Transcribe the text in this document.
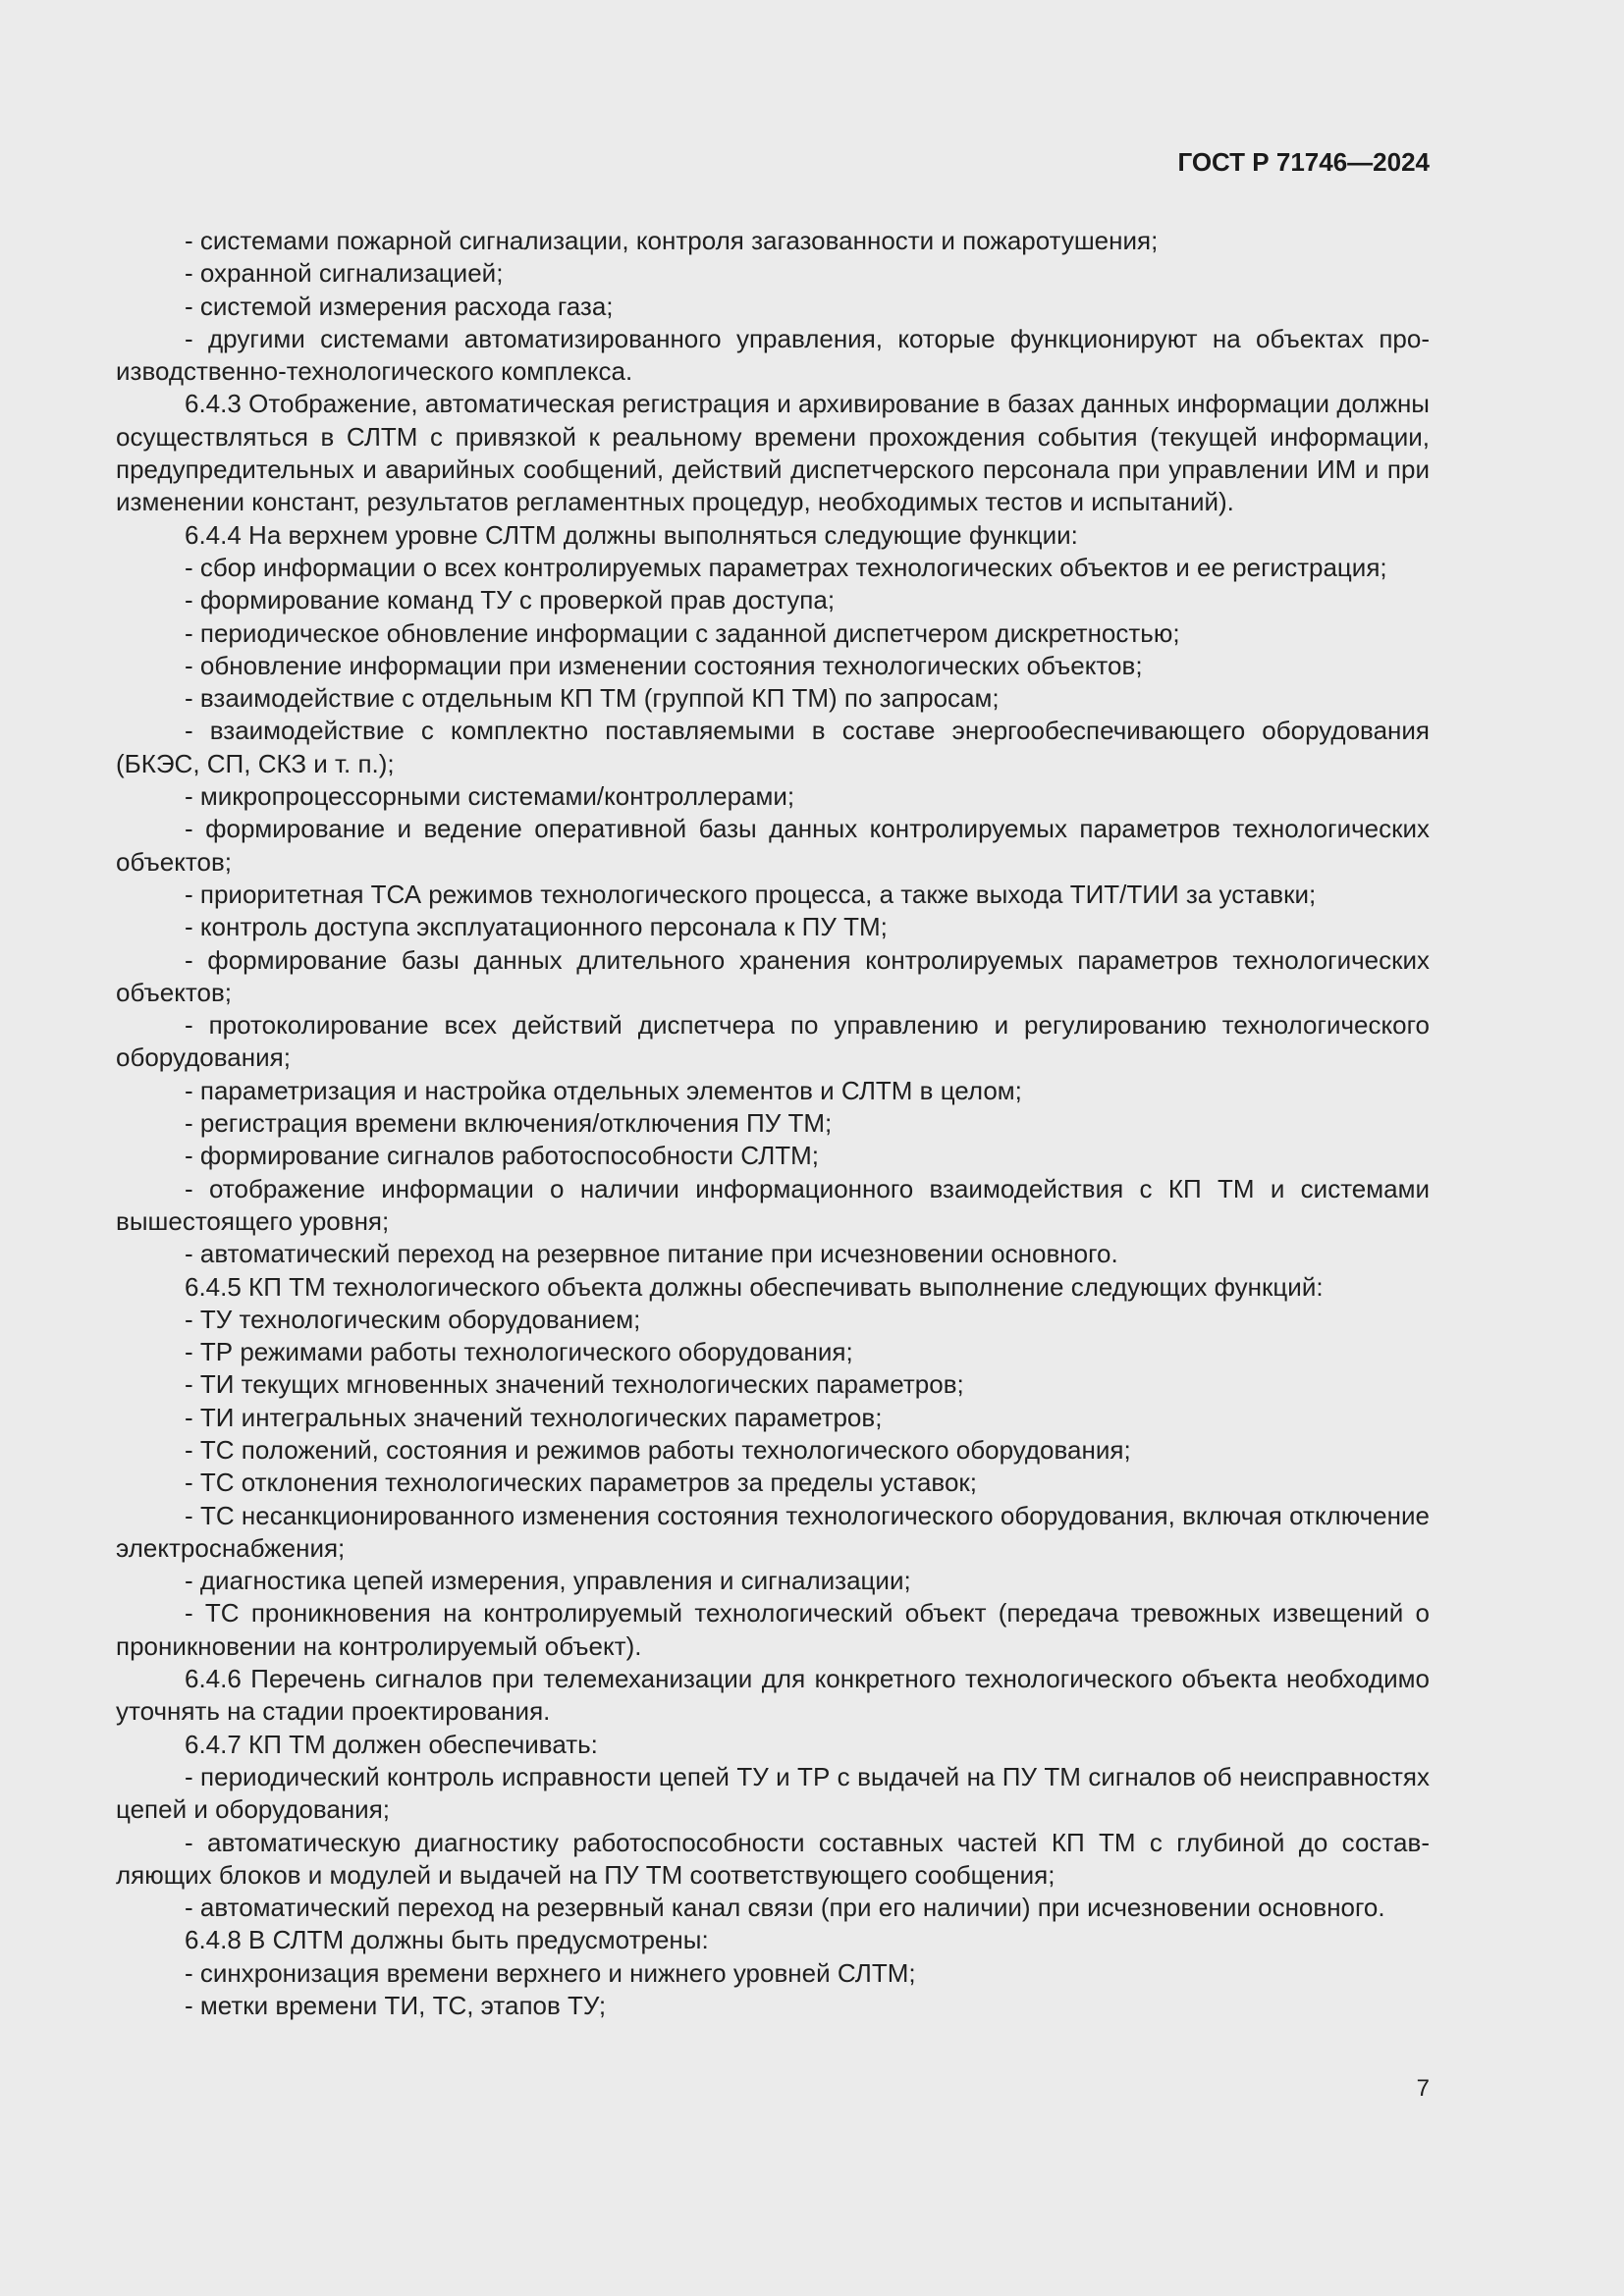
ГОСТ Р 71746—2024

- системами пожарной сигнализации, контроля загазованности и пожаротушения;

- охранной сигнализацией;

- системой измерения расхода газа;

- другими системами автоматизированного управления, которые функционируют на объектах производственно-технологического комплекса.

6.4.3 Отображение, автоматическая регистрация и архивирование в базах данных информации должны осуществляться в СЛТМ с привязкой к реальному времени прохождения события (текущей информации, предупредительных и аварийных сообщений, действий диспетчерского персонала при управлении ИМ и при изменении констант, результатов регламентных процедур, необходимых тестов и испытаний).

6.4.4 На верхнем уровне СЛТМ должны выполняться следующие функции:

- сбор информации о всех контролируемых параметрах технологических объектов и ее регистрация;

- формирование команд ТУ с проверкой прав доступа;

- периодическое обновление информации с заданной диспетчером дискретностью;

- обновление информации при изменении состояния технологических объектов;

- взаимодействие с отдельным КП ТМ (группой КП ТМ) по запросам;

- взаимодействие с комплектно поставляемыми в составе энергообеспечивающего оборудования (БКЭС, СП, СКЗ и т. п.);

- микропроцессорными системами/контроллерами;

- формирование и ведение оперативной базы данных контролируемых параметров технологических объектов;

- приоритетная ТСА режимов технологического процесса, а также выхода ТИТ/ТИИ за уставки;

- контроль доступа эксплуатационного персонала к ПУ ТМ;

- формирование базы данных длительного хранения контролируемых параметров технологических объектов;

- протоколирование всех действий диспетчера по управлению и регулированию технологического оборудования;

- параметризация и настройка отдельных элементов и СЛТМ в целом;

- регистрация времени включения/отключения ПУ ТМ;

- формирование сигналов работоспособности СЛТМ;

- отображение информации о наличии информационного взаимодействия с КП ТМ и системами вышестоящего уровня;

- автоматический переход на резервное питание при исчезновении основного.

6.4.5 КП ТМ технологического объекта должны обеспечивать выполнение следующих функций:

- ТУ технологическим оборудованием;

- ТР режимами работы технологического оборудования;

- ТИ текущих мгновенных значений технологических параметров;

- ТИ интегральных значений технологических параметров;

- ТС положений, состояния и режимов работы технологического оборудования;

- ТС отклонения технологических параметров за пределы уставок;

- ТС несанкционированного изменения состояния технологического оборудования, включая отключение электроснабжения;

- диагностика цепей измерения, управления и сигнализации;

- ТС проникновения на контролируемый технологический объект (передача тревожных извещений о проникновении на контролируемый объект).

6.4.6 Перечень сигналов при телемеханизации для конкретного технологического объекта необходимо уточнять на стадии проектирования.

6.4.7 КП ТМ должен обеспечивать:

- периодический контроль исправности цепей ТУ и ТР с выдачей на ПУ ТМ сигналов об неисправностях цепей и оборудования;

- автоматическую диагностику работоспособности составных частей КП ТМ с глубиной до составляющих блоков и модулей и выдачей на ПУ ТМ соответствующего сообщения;

- автоматический переход на резервный канал связи (при его наличии) при исчезновении основного.

6.4.8 В СЛТМ должны быть предусмотрены:

- синхронизация времени верхнего и нижнего уровней СЛТМ;

- метки времени ТИ, ТС, этапов ТУ;

7
